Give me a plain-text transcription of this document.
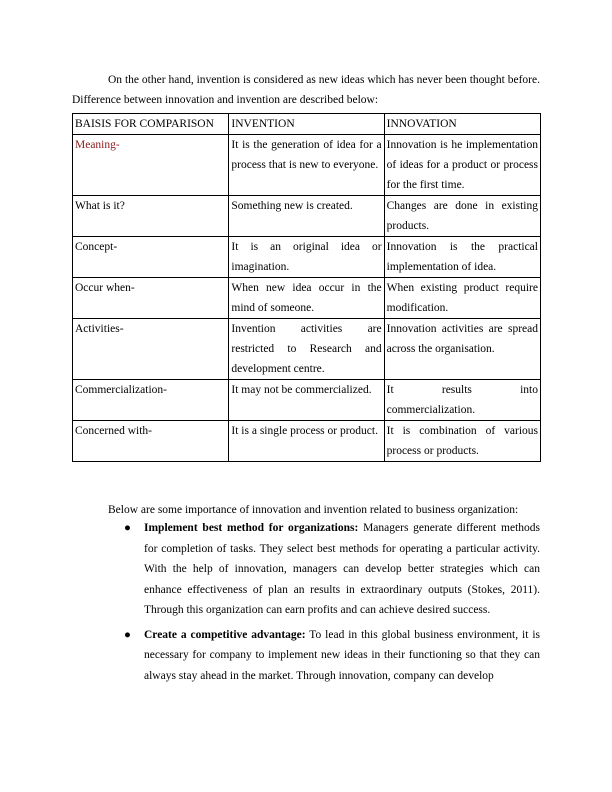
On the other hand, invention is considered as new ideas which has never been thought before. Difference between innovation and invention are described below:

BAISIS FOR COMPARISON	INVENTION	INNOVATION
Meaning-	It is the generation of idea for a process that is new to everyone.	Innovation is he implementation of ideas for a product or process for the first time.
What is it?	Something new is created.	Changes are done in existing products.
Concept-	It is an original idea or imagination.	Innovation is the practical implementation of idea.
Occur when-	When new idea occur in the mind of someone.	When existing product require modification.
Activities-	Invention activities are restricted to Research and development centre.	Innovation activities are spread across the organisation.
Commercialization-	It may not be commercialized.	It results into commercialization.
Concerned with-	It is a single process or product.	It is combination of various process or products.

Below are some importance of innovation and invention related to business organization:

● Implement best method for organizations: Managers generate different methods for completion of tasks. They select best methods for operating a particular activity. With the help of innovation, managers can develop better strategies which can enhance effectiveness of plan an results in extraordinary outputs (Stokes, 2011). Through this organization can earn profits and can achieve desired success.
● Create a competitive advantage: To lead in this global business environment, it is necessary for company to implement new ideas in their functioning so that they can always stay ahead in the market. Through innovation, company can develop
